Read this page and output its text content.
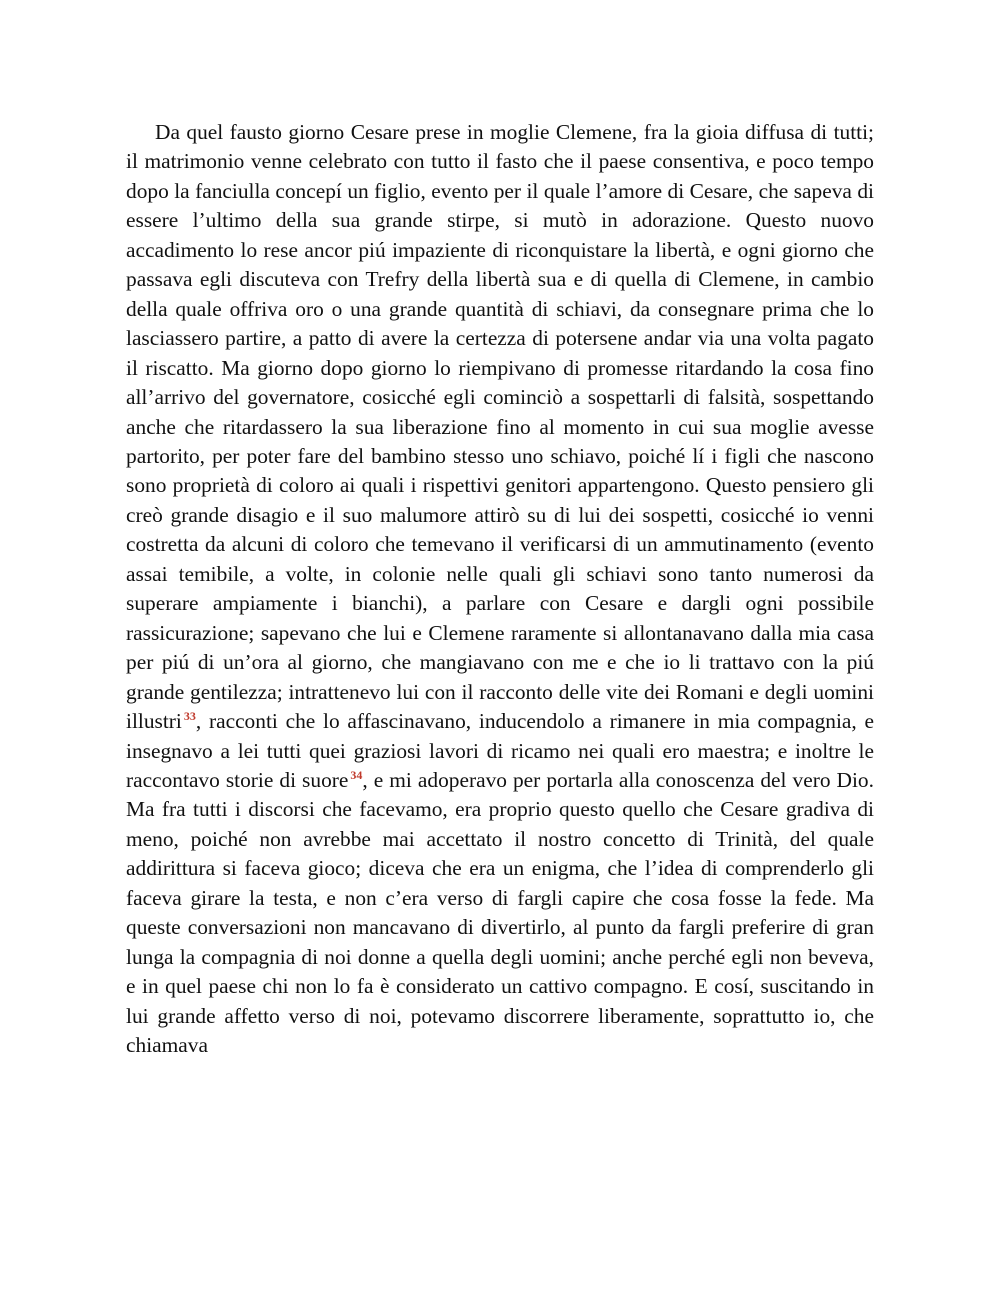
Da quel fausto giorno Cesare prese in moglie Clemene, fra la gioia diffusa di tutti; il matrimonio venne celebrato con tutto il fasto che il paese consentiva, e poco tempo dopo la fanciulla concepí un figlio, evento per il quale l’amore di Cesare, che sapeva di essere l’ultimo della sua grande stirpe, si mutò in adorazione. Questo nuovo accadimento lo rese ancor piú impaziente di riconquistare la libertà, e ogni giorno che passava egli discuteva con Trefry della libertà sua e di quella di Clemene, in cambio della quale offriva oro o una grande quantità di schiavi, da consegnare prima che lo lasciassero partire, a patto di avere la certezza di potersene andar via una volta pagato il riscatto. Ma giorno dopo giorno lo riempivano di promesse ritardando la cosa fino all’arrivo del governatore, cosicché egli cominciò a sospettarli di falsità, sospettando anche che ritardassero la sua liberazione fino al momento in cui sua moglie avesse partorito, per poter fare del bambino stesso uno schiavo, poiché lí i figli che nascono sono proprietà di coloro ai quali i rispettivi genitori appartengono. Questo pensiero gli creò grande disagio e il suo malumore attirò su di lui dei sospetti, cosicché io venni costretta da alcuni di coloro che temevano il verificarsi di un ammutinamento (evento assai temibile, a volte, in colonie nelle quali gli schiavi sono tanto numerosi da superare ampiamente i bianchi), a parlare con Cesare e dargli ogni possibile rassicurazione; sapevano che lui e Clemene raramente si allontanavano dalla mia casa per piú di un’ora al giorno, che mangiavano con me e che io li trattavo con la piú grande gentilezza; intrattenevo lui con il racconto delle vite dei Romani e degli uomini illustri $^{33}$, racconti che lo affascinavano, inducendolo a rimanere in mia compagnia, e insegnavo a lei tutti quei graziosi lavori di ricamo nei quali ero maestra; e inoltre le raccontavo storie di suore $^{34}$, e mi adoperavo per portarla alla conoscenza del vero Dio. Ma fra tutti i discorsi che facevamo, era proprio questo quello che Cesare gradiva di meno, poiché non avrebbe mai accettato il nostro concetto di Trinità, del quale addirittura si faceva gioco; diceva che era un enigma, che l’idea di comprenderlo gli faceva girare la testa, e non c’era verso di fargli capire che cosa fosse la fede. Ma queste conversazioni non mancavano di divertirlo, al punto da fargli preferire di gran lunga la compagnia di noi donne a quella degli uomini; anche perché egli non beveva, e in quel paese chi non lo fa è considerato un cattivo compagno. E cosí, suscitando in lui grande affetto verso di noi, potevamo discorrere liberamente, soprattutto io, che chiamava
